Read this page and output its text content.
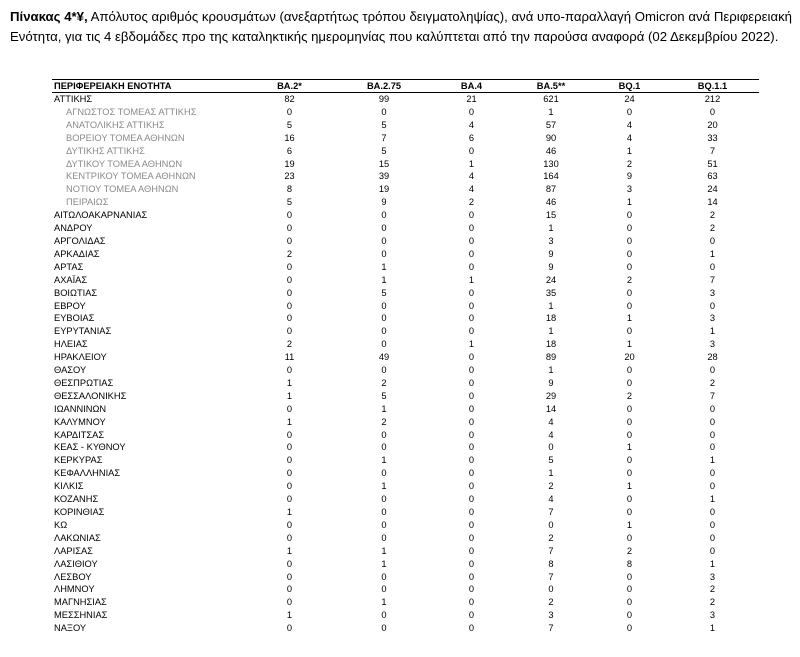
Πίνακας 4*¥, Απόλυτος αριθμός κρουσμάτων (ανεξαρτήτως τρόπου δειγματοληψίας), ανά υπο-παραλλαγή Omicron ανά Περιφερειακή Ενότητα, για τις 4 εβδομάδες προ της καταληκτικής ημερομηνίας που καλύπτεται από την παρούσα αναφορά (02 Δεκεμβρίου 2022).
ΠΕΡΙΦΕΡΕΙΑΚΗ ΕΝΟΤΗΤΑ	BA.2*	BA.2.75	BA.4	BA.5**	BQ.1	BQ.1.1
ΑΤΤΙΚΗΣ	82	99	21	621	24	212
ΑΓΝΩΣΤΟΣ ΤΟΜΕΑΣ ΑΤΤΙΚΗΣ	0	0	0	1	0	0
ΑΝΑΤΟΛΙΚΗΣ ΑΤΤΙΚΗΣ	5	5	4	57	4	20
ΒΟΡΕΙΟΥ ΤΟΜΕΑ ΑΘΗΝΩΝ	16	7	6	90	4	33
ΔΥΤΙΚΗΣ ΑΤΤΙΚΗΣ	6	5	0	46	1	7
ΔΥΤΙΚΟΥ ΤΟΜΕΑ ΑΘΗΝΩΝ	19	15	1	130	2	51
ΚΕΝΤΡΙΚΟΥ ΤΟΜΕΑ ΑΘΗΝΩΝ	23	39	4	164	9	63
ΝΟΤΙΟΥ ΤΟΜΕΑ ΑΘΗΝΩΝ	8	19	4	87	3	24
ΠΕΙΡΑΙΩΣ	5	9	2	46	1	14
ΑΙΤΩΛΟΑΚΑΡΝΑΝΙΑΣ	0	0	0	15	0	2
ΑΝΔΡΟΥ	0	0	0	1	0	2
ΑΡΓΟΛΙΔΑΣ	0	0	0	3	0	0
ΑΡΚΑΔΙΑΣ	2	0	0	9	0	1
ΑΡΤΑΣ	0	1	0	9	0	0
ΑΧΑΪΑΣ	0	1	1	24	2	7
ΒΟΙΩΤΙΑΣ	0	5	0	35	0	3
ΕΒΡΟΥ	0	0	0	1	0	0
ΕΥΒΟΙΑΣ	0	0	0	18	1	3
ΕΥΡΥΤΑΝΙΑΣ	0	0	0	1	0	1
ΗΛΕΙΑΣ	2	0	1	18	1	3
ΗΡΑΚΛΕΙΟΥ	11	49	0	89	20	28
ΘΑΣΟΥ	0	0	0	1	0	0
ΘΕΣΠΡΩΤΙΑΣ	1	2	0	9	0	2
ΘΕΣΣΑΛΟΝΙΚΗΣ	1	5	0	29	2	7
ΙΩΑΝΝΙΝΩΝ	0	1	0	14	0	0
ΚΑΛΥΜΝΟΥ	1	2	0	4	0	0
ΚΑΡΔΙΤΣΑΣ	0	0	0	4	0	0
ΚΕΑΣ - ΚΥΘΝΟΥ	0	0	0	0	1	0
ΚΕΡΚΥΡΑΣ	0	1	0	5	0	1
ΚΕΦΑΛΛΗΝΙΑΣ	0	0	0	1	0	0
ΚΙΛΚΙΣ	0	1	0	2	1	0
ΚΟΖΑΝΗΣ	0	0	0	4	0	1
ΚΟΡΙΝΘΙΑΣ	1	0	0	7	0	0
ΚΩ	0	0	0	0	1	0
ΛΑΚΩΝΙΑΣ	0	0	0	2	0	0
ΛΑΡΙΣΑΣ	1	1	0	7	2	0
ΛΑΣΙΘΙΟΥ	0	1	0	8	8	1
ΛΕΣΒΟΥ	0	0	0	7	0	3
ΛΗΜΝΟΥ	0	0	0	0	0	2
ΜΑΓΝΗΣΙΑΣ	0	1	0	2	0	2
ΜΕΣΣΗΝΙΑΣ	1	0	0	3	0	3
ΝΑΞΟΥ	0	0	0	7	0	1
